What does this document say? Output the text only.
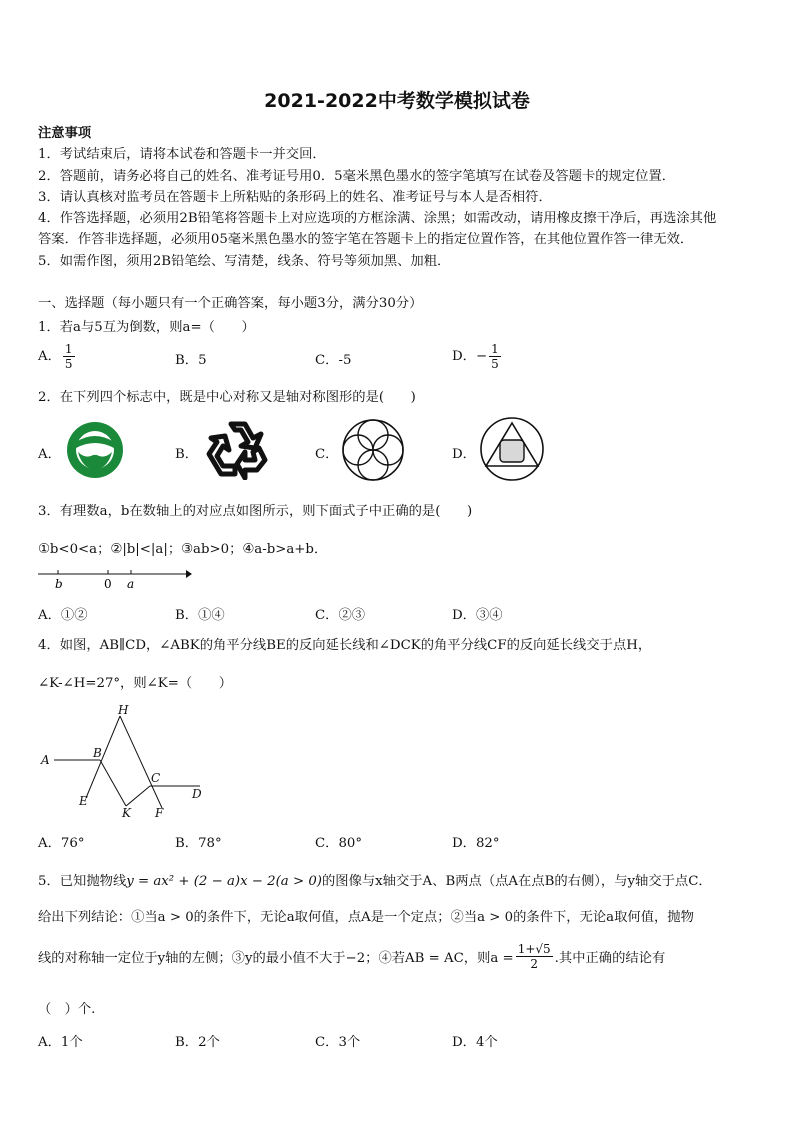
2021-2022中考数学模拟试卷
注意事项
1．考试结束后，请将本试卷和答题卡一并交回．
2．答题前，请务必将自己的姓名、准考证号用0．5毫米黑色墨水的签字笔填写在试卷及答题卡的规定位置．
3．请认真核对监考员在答题卡上所粘贴的条形码上的姓名、准考证号与本人是否相符．
4．作答选择题，必须用2B铅笔将答题卡上对应选项的方框涂满、涂黑；如需改动，请用橡皮擦干净后，再选涂其他
答案．作答非选择题，必须用05毫米黑色墨水的签字笔在答题卡上的指定位置作答，在其他位置作答一律无效．
5．如需作图，须用2B铅笔绘、写清楚，线条、符号等须加黑、加粗．
一、选择题（每小题只有一个正确答案，每小题3分，满分30分）
1．若a与5互为倒数，则a=（　　）
A． $\frac{1}{5}$	B．5	C．-5	D．− $\frac{1}{5}$
2．在下列四个标志中，既是中心对称又是轴对称图形的是(　　)
A．	B．	C．	D．
3．有理数a，b在数轴上的对应点如图所示，则下面式子中正确的是(　　)
①b<0<a；②|b|<|a|；③ab>0；④a-b>a+b．
b	0 a
A．①②	B．①④	C．②③	D．③④
4．如图，AB∥CD，∠ABK的角平分线BE的反向延长线和∠DCK的角平分线CF的反向延长线交于点H，
∠K-∠H=27°，则∠K=（　　）
H
A	B
C
D
E
K F
A．76°	B．78°	C．80°	D．82°
5．已知抛物线y = ax² + (2 − a)x − 2(a > 0)的图像与x轴交于A、B两点（点A在点B的右侧），与y轴交于点C．
给出下列结论：①当a > 0的条件下，无论a取何值，点A是一个定点；②当a > 0的条件下，无论a取何值，抛物
线的对称轴一定位于y轴的左侧；③y的最小值不大于−2；④若AB = AC，则$a = \frac{1+√5}{2}$ .其中正确的结论有
（　）个.
A．1个	B．2个	C．3个	D．4个
